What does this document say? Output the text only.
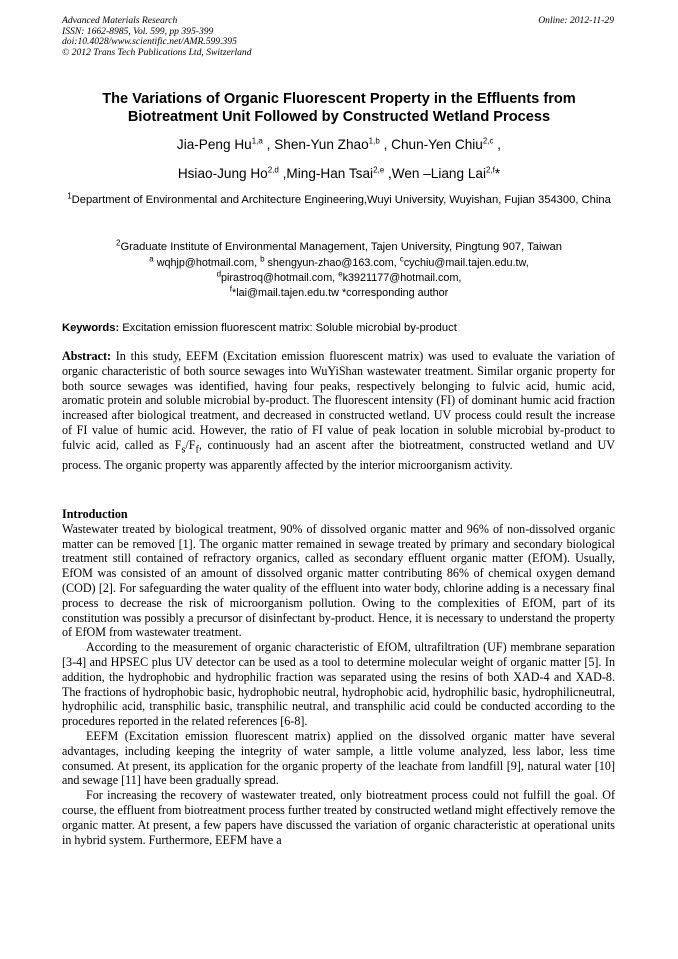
Advanced Materials Research
ISSN: 1662-8985, Vol. 599, pp 395-399
doi:10.4028/www.scientific.net/AMR.599.395
© 2012 Trans Tech Publications Ltd, Switzerland
Online: 2012-11-29
The Variations of Organic Fluorescent Property in the Effluents from Biotreatment Unit Followed by Constructed Wetland Process
Jia-Peng Hu$^{1,a}$ , Shen-Yun Zhao$^{1,b}$ , Chun-Yen Chiu$^{2,c}$ ,
Hsiao-Jung Ho$^{2,d}$ ,Ming-Han Tsai$^{2,e}$ ,Wen –Liang Lai$^{2,f}$*
$^1$Department of Environmental and Architecture Engineering,Wuyi University, Wuyishan, Fujian 354300, China
$^2$Graduate Institute of Environmental Management, Tajen University, Pingtung 907, Taiwan
$^a$ wqhjp@hotmail.com, $^b$ shengyun-zhao@163.com, $^c$cychiu@mail.tajen.edu.tw,
$^d$pirastroq@hotmail.com, $^e$k3921177@hotmail.com,
$^f$*lai@mail.tajen.edu.tw *corresponding author
Keywords: Excitation emission fluorescent matrix: Soluble microbial by-product

Abstract: In this study, EEFM (Excitation emission fluorescent matrix) was used to evaluate the variation of organic characteristic of both source sewages into WuYiShan wastewater treatment. Similar organic property for both source sewages was identified, having four peaks, respectively belonging to fulvic acid, humic acid, aromatic protein and soluble microbial by-product. The fluorescent intensity (FI) of dominant humic acid fraction increased after biological treatment, and decreased in constructed wetland. UV process could result the increase of FI value of humic acid. However, the ratio of FI value of peak location in soluble microbial by-product to fulvic acid, called as $F_s/F_f$, continuously had an ascent after the biotreatment, constructed wetland and UV process. The organic property was apparently affected by the interior microorganism activity.

Introduction

Wastewater treated by biological treatment, 90% of dissolved organic matter and 96% of non-dissolved organic matter can be removed [1]. The organic matter remained in sewage treated by primary and secondary biological treatment still contained of refractory organics, called as secondary effluent organic matter (EfOM). Usually, EfOM was consisted of an amount of dissolved organic matter contributing 86% of chemical oxygen demand (COD) [2]. For safeguarding the water quality of the effluent into water body, chlorine adding is a necessary final process to decrease the risk of microorganism pollution. Owing to the complexities of EfOM, part of its constitution was possibly a precursor of disinfectant by-product. Hence, it is necessary to understand the property of EfOM from wastewater treatment.

According to the measurement of organic characteristic of EfOM, ultrafiltration (UF) membrane separation [3-4] and HPSEC plus UV detector can be used as a tool to determine molecular weight of organic matter [5]. In addition, the hydrophobic and hydrophilic fraction was separated using the resins of both XAD-4 and XAD-8. The fractions of hydrophobic basic, hydrophobic neutral, hydrophobic acid, hydrophilic basic, hydrophilicneutral, hydrophilic acid, transphilic basic, transphilic neutral, and transphilic acid could be conducted according to the procedures reported in the related references [6-8].

EEFM (Excitation emission fluorescent matrix) applied on the dissolved organic matter have several advantages, including keeping the integrity of water sample, a little volume analyzed, less labor, less time consumed. At present, its application for the organic property of the leachate from landfill [9], natural water [10] and sewage [11] have been gradually spread.

For increasing the recovery of wastewater treated, only biotreatment process could not fulfill the goal. Of course, the effluent from biotreatment process further treated by constructed wetland might effectively remove the organic matter. At present, a few papers have discussed the variation of organic characteristic at operational units in hybrid system. Furthermore, EEFM have a
